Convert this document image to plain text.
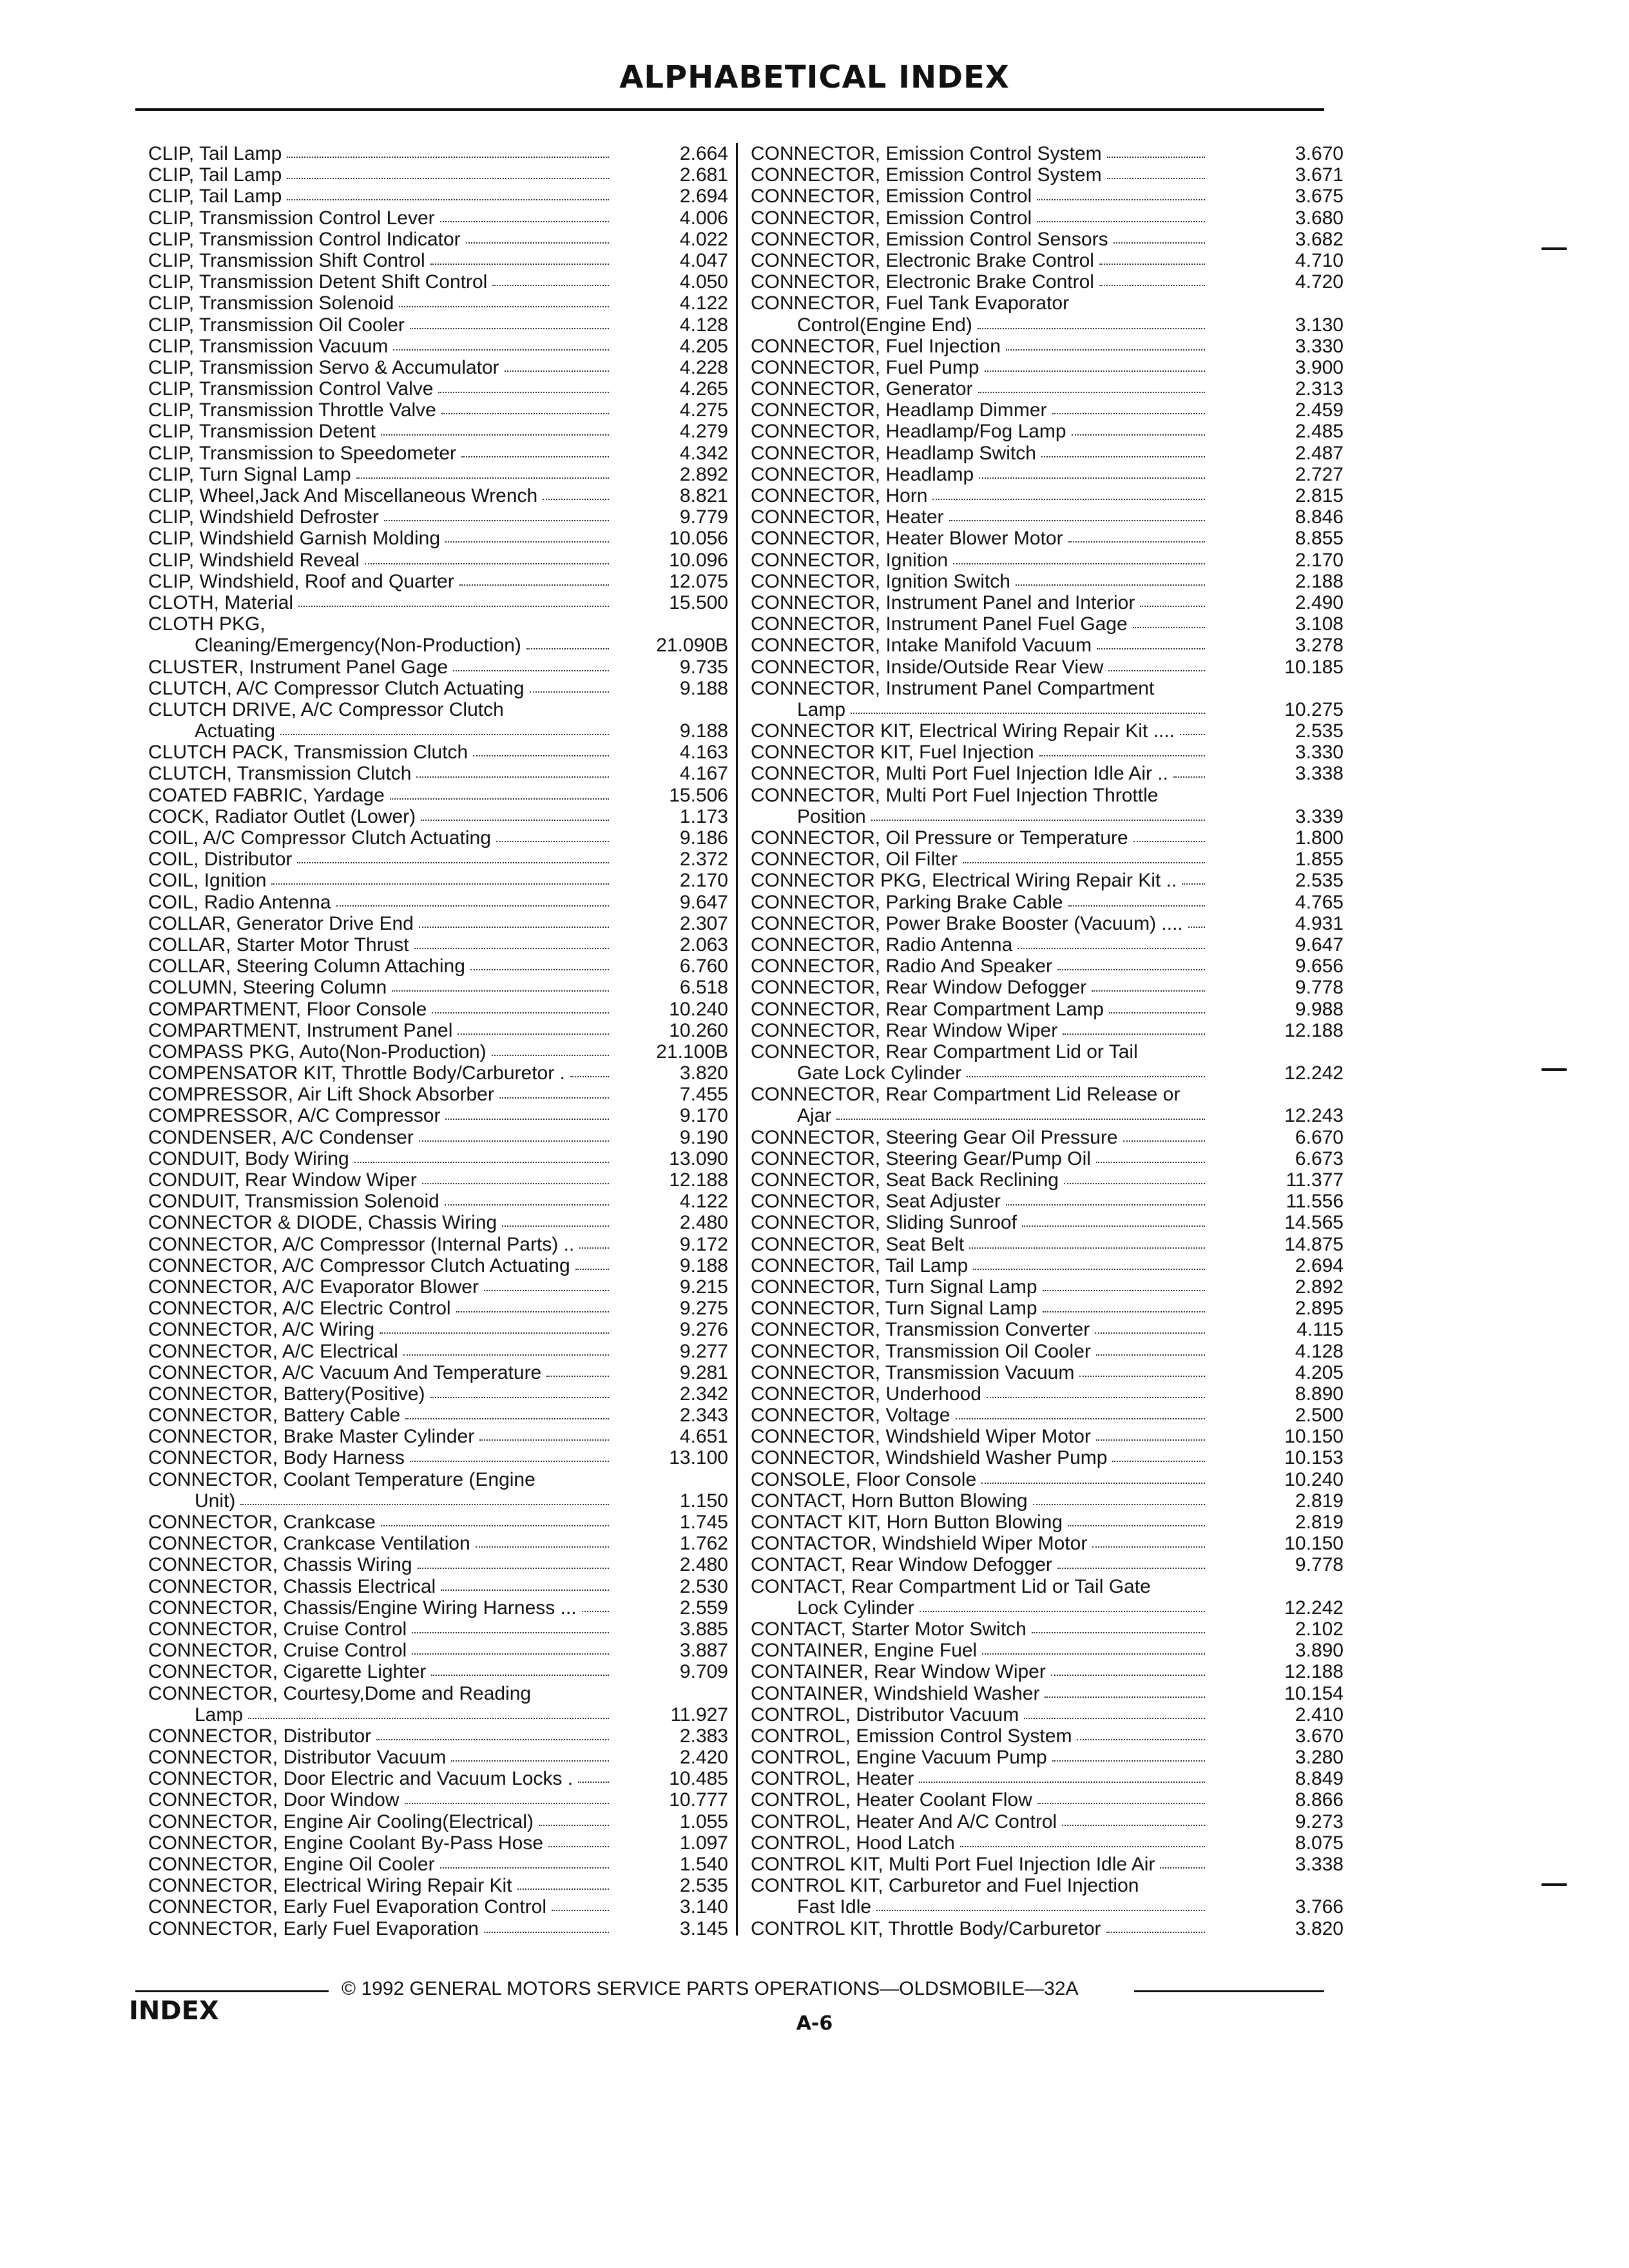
ALPHABETICAL INDEX
CLIP, Tail Lamp	2.664
CLIP, Tail Lamp	2.681
CLIP, Tail Lamp	2.694
CLIP, Transmission Control Lever	4.006
CLIP, Transmission Control Indicator	4.022
CLIP, Transmission Shift Control	4.047
CLIP, Transmission Detent Shift Control	4.050
CLIP, Transmission Solenoid	4.122
CLIP, Transmission Oil Cooler	4.128
CLIP, Transmission Vacuum	4.205
CLIP, Transmission Servo & Accumulator	4.228
CLIP, Transmission Control Valve	4.265
CLIP, Transmission Throttle Valve	4.275
CLIP, Transmission Detent	4.279
CLIP, Transmission to Speedometer	4.342
CLIP, Turn Signal Lamp	2.892
CLIP, Wheel,Jack And Miscellaneous Wrench	8.821
CLIP, Windshield Defroster	9.779
CLIP, Windshield Garnish Molding	10.056
CLIP, Windshield Reveal	10.096
CLIP, Windshield, Roof and Quarter	12.075
CLOTH, Material	15.500
CLOTH PKG,
Cleaning/Emergency(Non-Production)	21.090B
CLUSTER, Instrument Panel Gage	9.735
CLUTCH, A/C Compressor Clutch Actuating	9.188
CLUTCH DRIVE, A/C Compressor Clutch
Actuating	9.188
CLUTCH PACK, Transmission Clutch	4.163
CLUTCH, Transmission Clutch	4.167
COATED FABRIC, Yardage	15.506
COCK, Radiator Outlet (Lower)	1.173
COIL, A/C Compressor Clutch Actuating	9.186
COIL, Distributor	2.372
COIL, Ignition	2.170
COIL, Radio Antenna	9.647
COLLAR, Generator Drive End	2.307
COLLAR, Starter Motor Thrust	2.063
COLLAR, Steering Column Attaching	6.760
COLUMN, Steering Column	6.518
COMPARTMENT, Floor Console	10.240
COMPARTMENT, Instrument Panel	10.260
COMPASS PKG, Auto(Non-Production)	21.100B
COMPENSATOR KIT, Throttle Body/Carburetor .	3.820
COMPRESSOR, Air Lift Shock Absorber	7.455
COMPRESSOR, A/C Compressor	9.170
CONDENSER, A/C Condenser	9.190
CONDUIT, Body Wiring	13.090
CONDUIT, Rear Window Wiper	12.188
CONDUIT, Transmission Solenoid	4.122
CONNECTOR & DIODE, Chassis Wiring	2.480
CONNECTOR, A/C Compressor (Internal Parts) ..	9.172
CONNECTOR, A/C Compressor Clutch Actuating	9.188
CONNECTOR, A/C Evaporator Blower	9.215
CONNECTOR, A/C Electric Control	9.275
CONNECTOR, A/C Wiring	9.276
CONNECTOR, A/C Electrical	9.277
CONNECTOR, A/C Vacuum And Temperature	9.281
CONNECTOR, Battery(Positive)	2.342
CONNECTOR, Battery Cable	2.343
CONNECTOR, Brake Master Cylinder	4.651
CONNECTOR, Body Harness	13.100
CONNECTOR, Coolant Temperature (Engine
Unit)	1.150
CONNECTOR, Crankcase	1.745
CONNECTOR, Crankcase Ventilation	1.762
CONNECTOR, Chassis Wiring	2.480
CONNECTOR, Chassis Electrical	2.530
CONNECTOR, Chassis/Engine Wiring Harness ...	2.559
CONNECTOR, Cruise Control	3.885
CONNECTOR, Cruise Control	3.887
CONNECTOR, Cigarette Lighter	9.709
CONNECTOR, Courtesy,Dome and Reading
Lamp	11.927
CONNECTOR, Distributor	2.383
CONNECTOR, Distributor Vacuum	2.420
CONNECTOR, Door Electric and Vacuum Locks .	10.485
CONNECTOR, Door Window	10.777
CONNECTOR, Engine Air Cooling(Electrical)	1.055
CONNECTOR, Engine Coolant By-Pass Hose	1.097
CONNECTOR, Engine Oil Cooler	1.540
CONNECTOR, Electrical Wiring Repair Kit	2.535
CONNECTOR, Early Fuel Evaporation Control	3.140
CONNECTOR, Early Fuel Evaporation	3.145
CONNECTOR, Emission Control System	3.670
CONNECTOR, Emission Control System	3.671
CONNECTOR, Emission Control	3.675
CONNECTOR, Emission Control	3.680
CONNECTOR, Emission Control Sensors	3.682
CONNECTOR, Electronic Brake Control	4.710
CONNECTOR, Electronic Brake Control	4.720
CONNECTOR, Fuel Tank Evaporator
Control(Engine End)	3.130
CONNECTOR, Fuel Injection	3.330
CONNECTOR, Fuel Pump	3.900
CONNECTOR, Generator	2.313
CONNECTOR, Headlamp Dimmer	2.459
CONNECTOR, Headlamp/Fog Lamp	2.485
CONNECTOR, Headlamp Switch	2.487
CONNECTOR, Headlamp	2.727
CONNECTOR, Horn	2.815
CONNECTOR, Heater	8.846
CONNECTOR, Heater Blower Motor	8.855
CONNECTOR, Ignition	2.170
CONNECTOR, Ignition Switch	2.188
CONNECTOR, Instrument Panel and Interior	2.490
CONNECTOR, Instrument Panel Fuel Gage	3.108
CONNECTOR, Intake Manifold Vacuum	3.278
CONNECTOR, Inside/Outside Rear View	10.185
CONNECTOR, Instrument Panel Compartment
Lamp	10.275
CONNECTOR KIT, Electrical Wiring Repair Kit ....	2.535
CONNECTOR KIT, Fuel Injection	3.330
CONNECTOR, Multi Port Fuel Injection Idle Air ..	3.338
CONNECTOR, Multi Port Fuel Injection Throttle
Position	3.339
CONNECTOR, Oil Pressure or Temperature	1.800
CONNECTOR, Oil Filter	1.855
CONNECTOR PKG, Electrical Wiring Repair Kit ..	2.535
CONNECTOR, Parking Brake Cable	4.765
CONNECTOR, Power Brake Booster (Vacuum) ....	4.931
CONNECTOR, Radio Antenna	9.647
CONNECTOR, Radio And Speaker	9.656
CONNECTOR, Rear Window Defogger	9.778
CONNECTOR, Rear Compartment Lamp	9.988
CONNECTOR, Rear Window Wiper	12.188
CONNECTOR, Rear Compartment Lid or Tail
Gate Lock Cylinder	12.242
CONNECTOR, Rear Compartment Lid Release or
Ajar	12.243
CONNECTOR, Steering Gear Oil Pressure	6.670
CONNECTOR, Steering Gear/Pump Oil	6.673
CONNECTOR, Seat Back Reclining	11.377
CONNECTOR, Seat Adjuster	11.556
CONNECTOR, Sliding Sunroof	14.565
CONNECTOR, Seat Belt	14.875
CONNECTOR, Tail Lamp	2.694
CONNECTOR, Turn Signal Lamp	2.892
CONNECTOR, Turn Signal Lamp	2.895
CONNECTOR, Transmission Converter	4.115
CONNECTOR, Transmission Oil Cooler	4.128
CONNECTOR, Transmission Vacuum	4.205
CONNECTOR, Underhood	8.890
CONNECTOR, Voltage	2.500
CONNECTOR, Windshield Wiper Motor	10.150
CONNECTOR, Windshield Washer Pump	10.153
CONSOLE, Floor Console	10.240
CONTACT, Horn Button Blowing	2.819
CONTACT KIT, Horn Button Blowing	2.819
CONTACTOR, Windshield Wiper Motor	10.150
CONTACT, Rear Window Defogger	9.778
CONTACT, Rear Compartment Lid or Tail Gate
Lock Cylinder	12.242
CONTACT, Starter Motor Switch	2.102
CONTAINER, Engine Fuel	3.890
CONTAINER, Rear Window Wiper	12.188
CONTAINER, Windshield Washer	10.154
CONTROL, Distributor Vacuum	2.410
CONTROL, Emission Control System	3.670
CONTROL, Engine Vacuum Pump	3.280
CONTROL, Heater	8.849
CONTROL, Heater Coolant Flow	8.866
CONTROL, Heater And A/C Control	9.273
CONTROL, Hood Latch	8.075
CONTROL KIT, Multi Port Fuel Injection Idle Air	3.338
CONTROL KIT, Carburetor and Fuel Injection
Fast Idle	3.766
CONTROL KIT, Throttle Body/Carburetor	3.820
© 1992 GENERAL MOTORS SERVICE PARTS OPERATIONS—OLDSMOBILE—32A
INDEX	A-6
